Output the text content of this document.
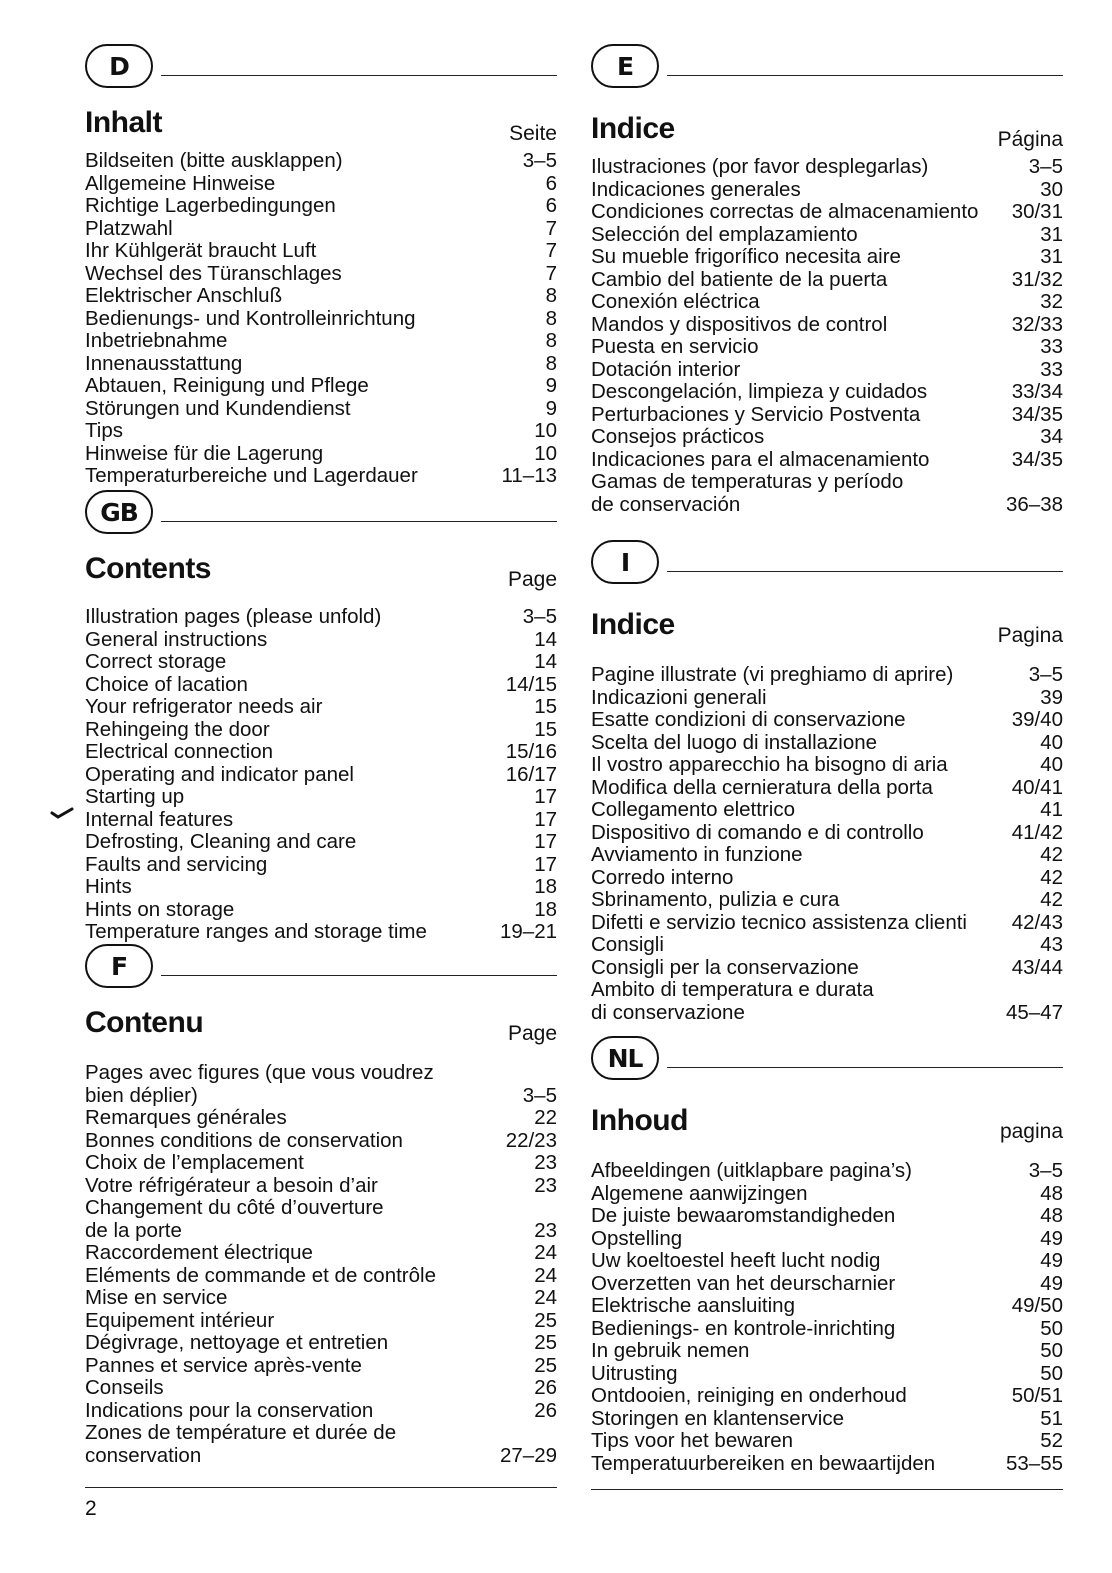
D
Inhalt	Seite
Bildseiten (bitte ausklappen)	3–5
Allgemeine Hinweise	6
Richtige Lagerbedingungen	6
Platzwahl	7
Ihr Kühlgerät braucht Luft	7
Wechsel des Türanschlages	7
Elektrischer Anschluß	8
Bedienungs- und Kontrolleinrichtung	8
Inbetriebnahme	8
Innenausstattung	8
Abtauen, Reinigung und Pflege	9
Störungen und Kundendienst	9
Tips	10
Hinweise für die Lagerung	10
Temperaturbereiche und Lagerdauer	11–13
GB
Contents	Page
Illustration pages (please unfold)	3–5
General instructions	14
Correct storage	14
Choice of lacation	14/15
Your refrigerator needs air	15
Rehingeing the door	15
Electrical connection	15/16
Operating and indicator panel	16/17
Starting up	17
Internal features	17
Defrosting, Cleaning and care	17
Faults and servicing	17
Hints	18
Hints on storage	18
Temperature ranges and storage time	19–21
F
Contenu	Page
Pages avec figures (que vous voudrez
bien déplier)	3–5
Remarques générales	22
Bonnes conditions de conservation	22/23
Choix de l’emplacement	23
Votre réfrigérateur a besoin d’air	23
Changement du côté d’ouverture
de la porte	23
Raccordement électrique	24
Eléments de commande et de contrôle	24
Mise en service	24
Equipement intérieur	25
Dégivrage, nettoyage et entretien	25
Pannes et service après-vente	25
Conseils	26
Indications pour la conservation	26
Zones de température et durée de
conservation	27–29
E
Indice	Página
Ilustraciones (por favor desplegarlas)	3–5
Indicaciones generales	30
Condiciones correctas de almacenamiento	30/31
Selección del emplazamiento	31
Su mueble frigorífico necesita aire	31
Cambio del batiente de la puerta	31/32
Conexión eléctrica	32
Mandos y dispositivos de control	32/33
Puesta en servicio	33
Dotación interior	33
Descongelación, limpieza y cuidados	33/34
Perturbaciones y Servicio Postventa	34/35
Consejos prácticos	34
Indicaciones para el almacenamiento	34/35
Gamas de temperaturas y período
de conservación	36–38
I
Indice	Pagina
Pagine illustrate (vi preghiamo di aprire)	3–5
Indicazioni generali	39
Esatte condizioni di conservazione	39/40
Scelta del luogo di installazione	40
Il vostro apparecchio ha bisogno di aria	40
Modifica della cernieratura della porta	40/41
Collegamento elettrico	41
Dispositivo di comando e di controllo	41/42
Avviamento in funzione	42
Corredo interno	42
Sbrinamento, pulizia e cura	42
Difetti e servizio tecnico assistenza clienti	42/43
Consigli	43
Consigli per la conservazione	43/44
Ambito di temperatura e durata
di conservazione	45–47
NL
Inhoud	pagina
Afbeeldingen (uitklapbare pagina’s)	3–5
Algemene aanwijzingen	48
De juiste bewaaromstandigheden	48
Opstelling	49
Uw koeltoestel heeft lucht nodig	49
Overzetten van het deurscharnier	49
Elektrische aansluiting	49/50
Bedienings- en kontrole-inrichting	50
In gebruik nemen	50
Uitrusting	50
Ontdooien, reiniging en onderhoud	50/51
Storingen en klantenservice	51
Tips voor het bewaren	52
Temperatuurbereiken en bewaartijden	53–55
2
